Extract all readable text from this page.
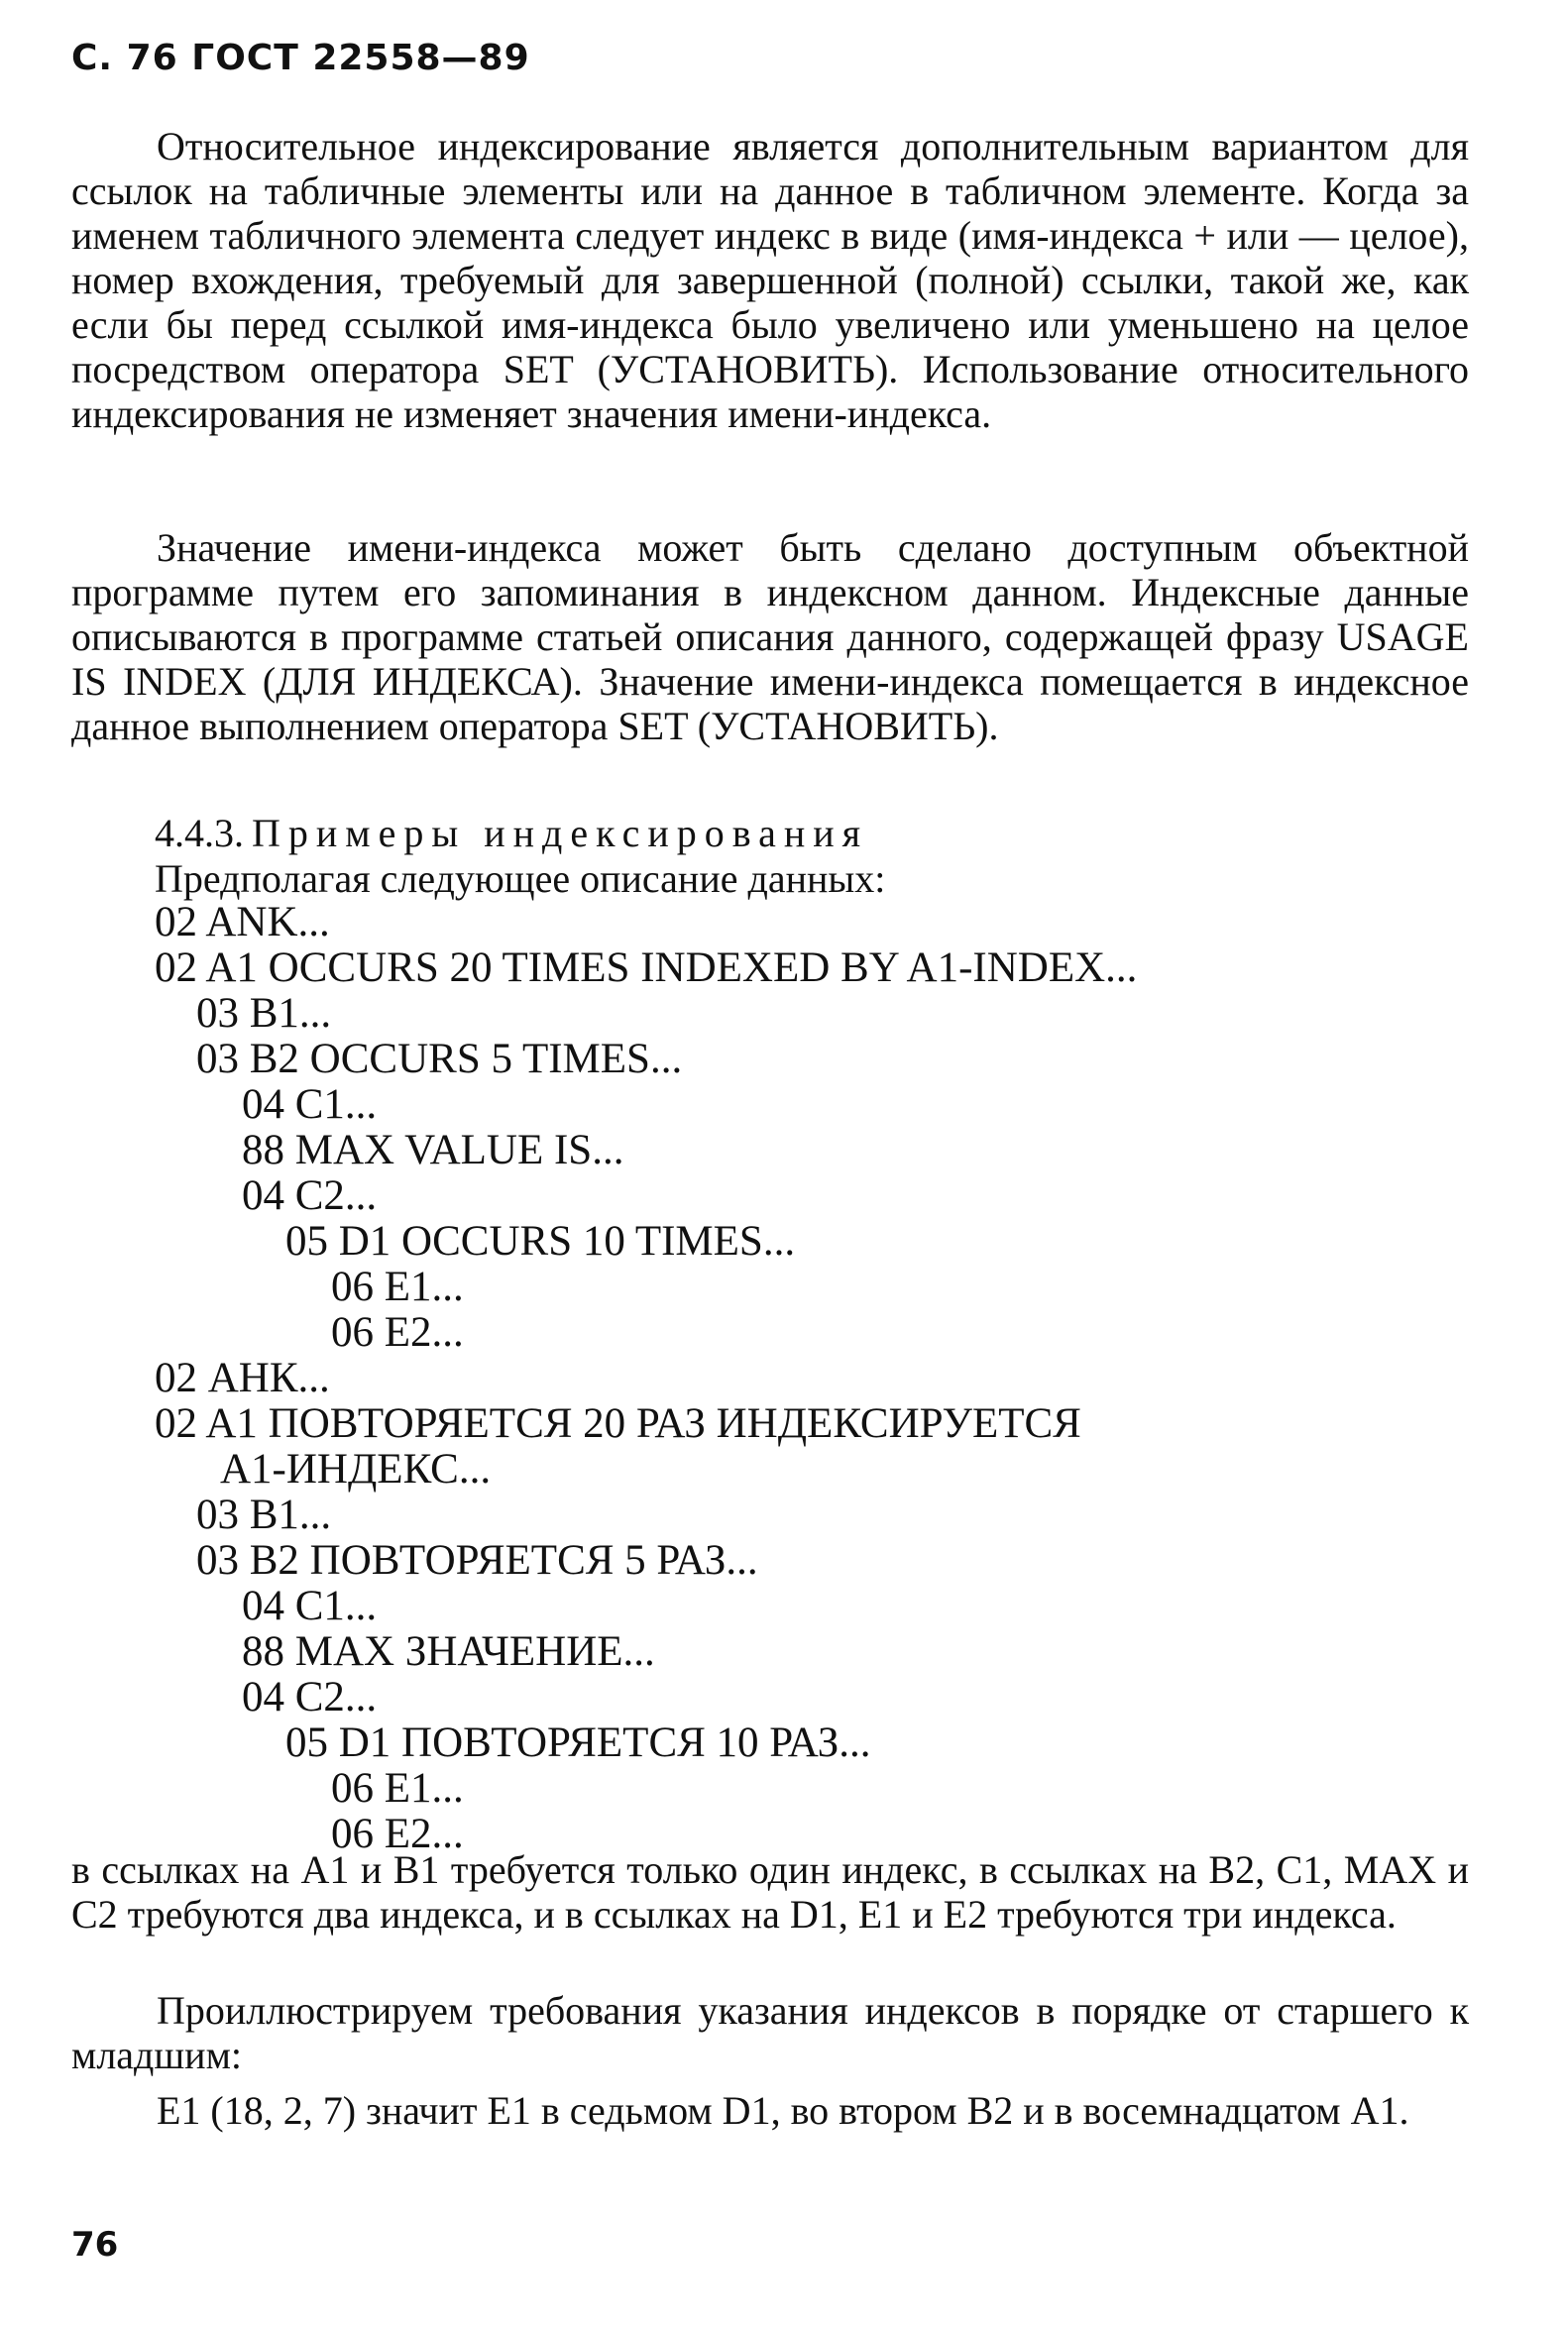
С. 76 ГОСТ 22558—89

Относительное индексирование является дополнительным вариантом для ссылок на табличные элементы или на данное в табличном элементе. Когда за именем табличного элемента следует индекс в виде (имя-индекса + или — целое), номер вхождения, требуемый для завершенной (полной) ссылки, такой же, как если бы перед ссылкой имя-индекса было увеличено или уменьшено на целое посредством оператора SET (УСТАНОВИТЬ). Использование относительного индексирования не изменяет значения имени-индекса.

Значение имени-индекса может быть сделано доступным объектной программе путем его запоминания в индексном данном. Индексные данные описываются в программе статьей описания данного, содержащей фразу USAGE IS INDEX (ДЛЯ ИНДЕКСА). Значение имени-индекса помещается в индексное данное выполнением оператора SET (УСТАНОВИТЬ).

4.4.3. Примеры индексирования
Предполагая следующее описание данных:
02 ANK...
02 A1 OCCURS 20 TIMES INDEXED BY A1-INDEX...
03 B1...
03 B2 OCCURS 5 TIMES...
04 C1...
88 MAX VALUE IS...
04 C2...
05 D1 OCCURS 10 TIMES...
06 E1...
06 E2...
02 АНК...
02 A1 ПОВТОРЯЕТСЯ 20 РАЗ ИНДЕКСИРУЕТСЯ
A1-ИНДЕКС...
03 B1...
03 B2 ПОВТОРЯЕТСЯ 5 РАЗ...
04 C1...
88 MAX ЗНАЧЕНИЕ...
04 C2...
05 D1 ПОВТОРЯЕТСЯ 10 РАЗ...
06 E1...
06 E2...

в ссылках на A1 и B1 требуется только один индекс, в ссылках на B2, C1, MAX и C2 требуются два индекса, и в ссылках на D1, E1 и E2 требуются три индекса.

Проиллюстрируем требования указания индексов в порядке от старшего к младшим:

E1 (18, 2, 7) значит E1 в седьмом D1, во втором B2 и в восемнадцатом A1.

76
